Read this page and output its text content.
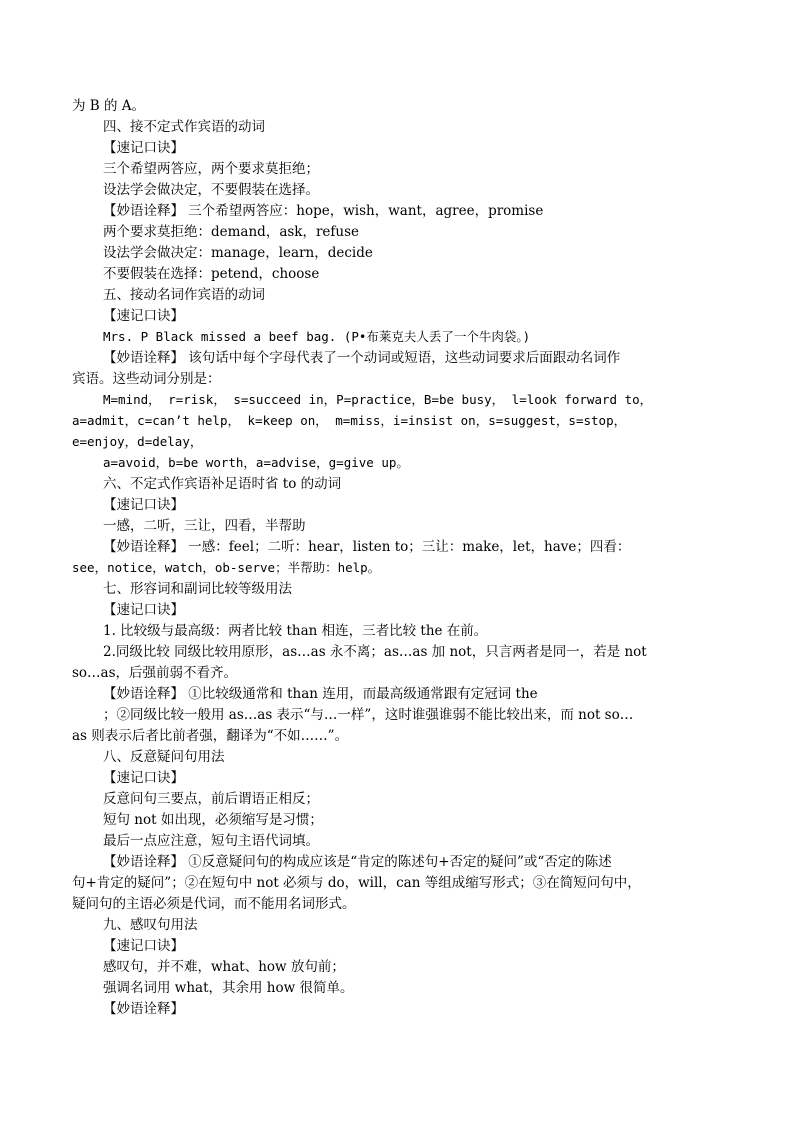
为 B 的 A。
四、接不定式作宾语的动词
【速记口诀】
三个希望两答应，两个要求莫拒绝；
设法学会做决定，不要假装在选择。
【妙语诠释】 三个希望两答应：hope，wish，want，agree，promise
两个要求莫拒绝：demand，ask，refuse
设法学会做决定：manage，learn，decide
不要假装在选择：petend，choose
五、接动名词作宾语的动词
【速记口诀】
Mrs. P Black missed a beef bag. (P•布莱克夫人丢了一个牛肉袋。)
【妙语诠释】 该句话中每个字母代表了一个动词或短语，这些动词要求后面跟动名词作
宾语。这些动词分别是：
M=mind， r=risk， s=succeed in，P=practice，B=be busy， l=look forward to，
a=admit，c=can’t help， k=keep on， m=miss，i=insist on，s=suggest，s=stop，
e=enjoy，d=delay，
a=avoid，b=be worth，a=advise，g=give up。
六、不定式作宾语补足语时省 to 的动词
【速记口诀】
一感，二听，三让，四看，半帮助
【妙语诠释】 一感：feel；二听：hear，listen to；三让：make，let，have；四看：
see，notice，watch，ob-serve；半帮助：help。
七、形容词和副词比较等级用法
【速记口诀】
1. 比较级与最高级：两者比较 than 相连，三者比较 the 在前。
2.同级比较 同级比较用原形，as…as 永不离；as…as 加 not，只言两者是同一，若是 not
so…as，后强前弱不看齐。
【妙语诠释】 ①比较级通常和 than 连用，而最高级通常跟有定冠词 the
；②同级比较一般用 as…as 表示“与…一样”，这时谁强谁弱不能比较出来，而 not so…
as 则表示后者比前者强，翻译为“不如……”。
八、反意疑问句用法
【速记口诀】
反意问句三要点，前后谓语正相反；
短句 not 如出现，必须缩写是习惯；
最后一点应注意，短句主语代词填。
【妙语诠释】 ①反意疑问句的构成应该是“肯定的陈述句+否定的疑问”或“否定的陈述
句+肯定的疑问”；②在短句中 not 必须与 do，will，can 等组成缩写形式；③在简短问句中，
疑问句的主语必须是代词，而不能用名词形式。
九、感叹句用法
【速记口诀】
感叹句，并不难，what、how 放句前；
强调名词用 what，其余用 how 很简单。
【妙语诠释】
